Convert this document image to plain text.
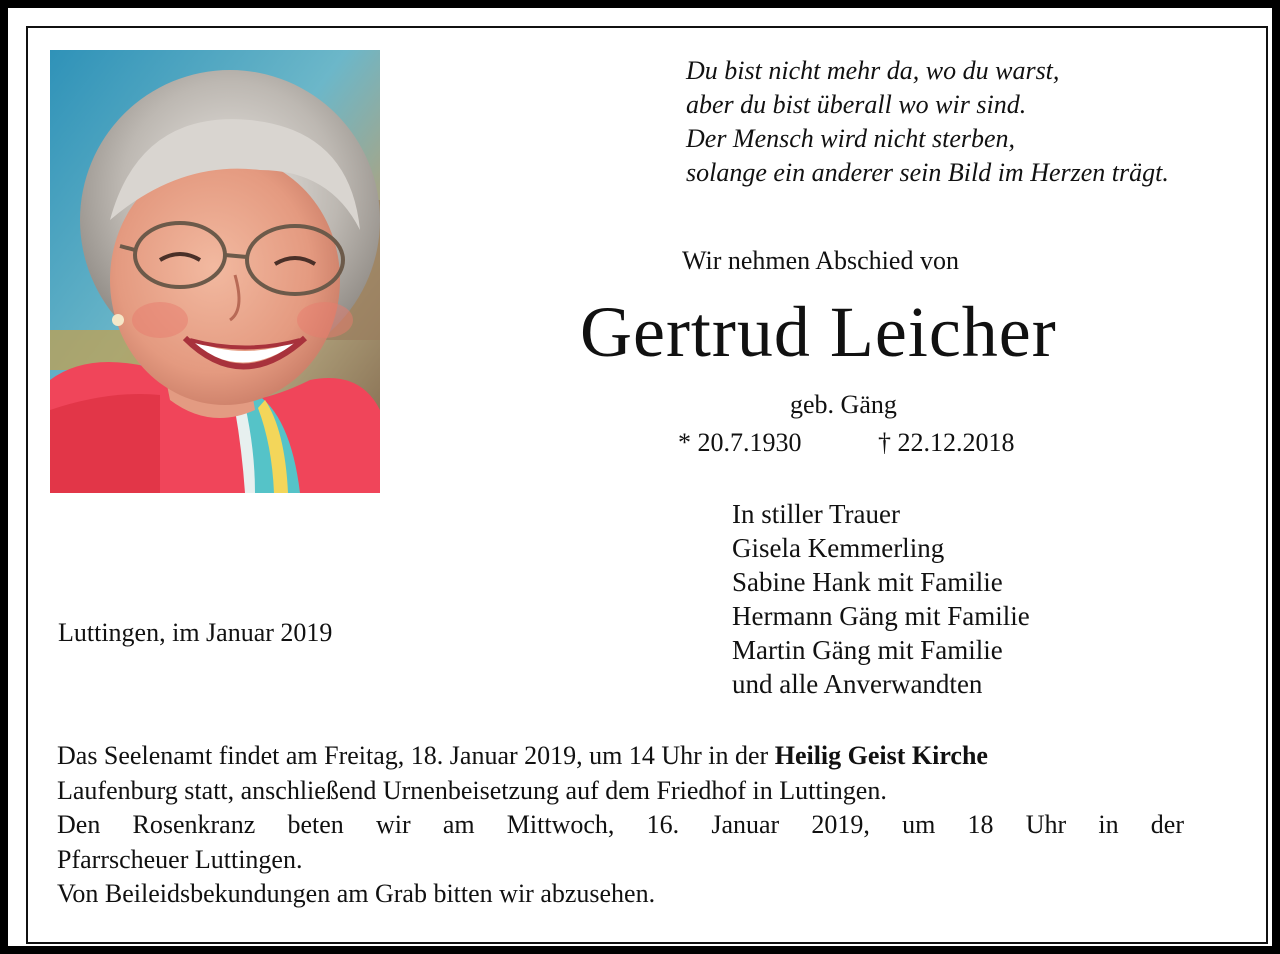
Du bist nicht mehr da, wo du warst,
aber du bist überall wo wir sind.
Der Mensch wird nicht sterben,
solange ein anderer sein Bild im Herzen trägt.
Wir nehmen Abschied von
Gertrud Leicher
geb. Gäng
* 20.7.1930	† 22.12.2018
In stiller Trauer
Gisela Kemmerling
Sabine Hank mit Familie
Hermann Gäng mit Familie
Martin Gäng mit Familie
und alle Anverwandten
Luttingen, im Januar 2019
Das Seelenamt findet am Freitag, 18. Januar 2019, um 14 Uhr in der Heilig Geist Kirche
Laufenburg statt, anschließend Urnenbeisetzung auf dem Friedhof in Luttingen.
Den Rosenkranz beten wir am Mittwoch, 16. Januar 2019, um 18 Uhr in der
Pfarrscheuer Luttingen.
Von Beileidsbekundungen am Grab bitten wir abzusehen.
